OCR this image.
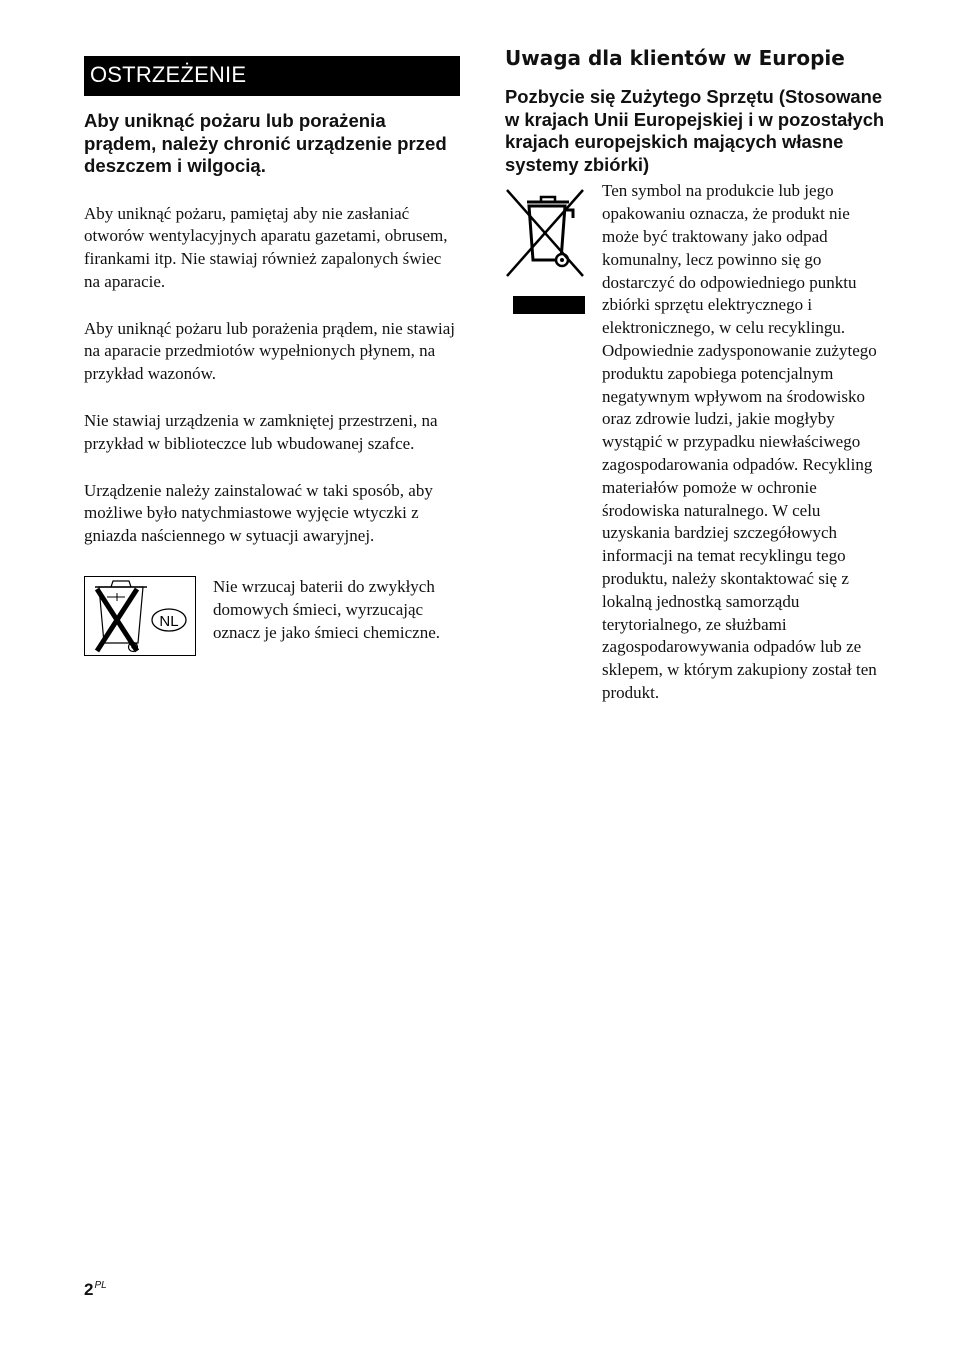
OSTRZEŻENIE
Aby uniknąć pożaru lub porażenia prądem, należy chronić urządzenie przed deszczem i wilgocią.
Aby uniknąć pożaru, pamiętaj aby nie zasłaniać otworów wentylacyjnych aparatu gazetami, obrusem, firankami itp. Nie stawiaj również zapalonych świec na aparacie.
Aby uniknąć pożaru lub porażenia prądem, nie stawiaj na aparacie przedmiotów wypełnionych płynem, na przykład wazonów.
Nie stawiaj urządzenia w zamkniętej przestrzeni, na przykład w biblioteczce lub wbudowanej szafce.
Urządzenie należy zainstalować w taki sposób, aby możliwe było natychmiastowe wyjęcie wtyczki z gniazda naściennego w sytuacji awaryjnej.
NL
Nie wrzucaj baterii do zwykłych domowych śmieci, wyrzucając oznacz je jako śmieci chemiczne.
Uwaga dla klientów w Europie
Pozbycie się Zużytego Sprzętu (Stosowane w krajach Unii Europejskiej i w pozostałych krajach europejskich mających własne systemy zbiórki)
Ten symbol na produkcie lub jego opakowaniu oznacza, że produkt nie może być traktowany jako odpad komunalny, lecz powinno się go dostarczyć do odpowiedniego punktu zbiórki sprzętu elektrycznego i elektronicznego, w celu recyklingu. Odpowiednie zadysponowanie zużytego produktu zapobiega potencjalnym negatywnym wpływom na środowisko oraz zdrowie ludzi, jakie mogłyby wystąpić w przypadku niewłaściwego zagospodarowania odpadów. Recykling materiałów pomoże w ochronie środowiska naturalnego. W celu uzyskania bardziej szczegółowych informacji na temat recyklingu tego produktu, należy skontaktować się z lokalną jednostką samorządu terytorialnego, ze służbami zagospodarowywania odpadów lub ze sklepem, w którym zakupiony został ten produkt.
$2^{PL}$
